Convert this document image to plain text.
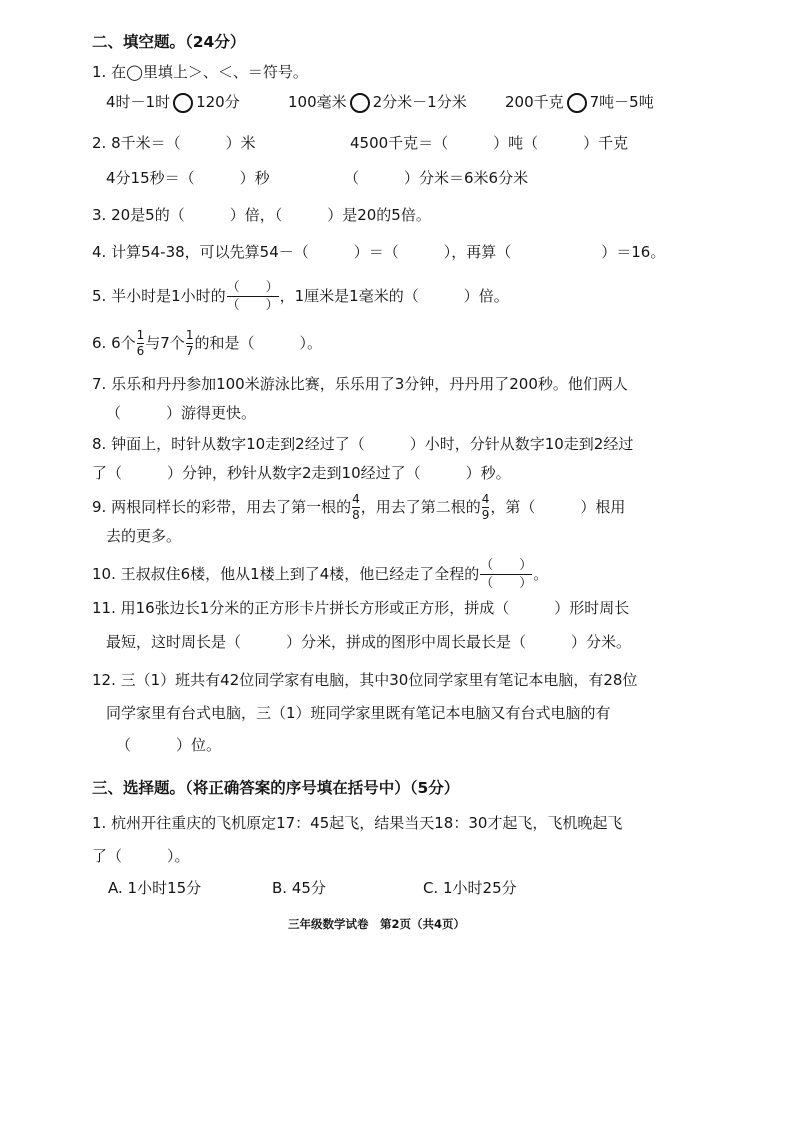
二、填空题。（24分）
1. 在◯里填上＞、＜、＝符号。
4时－1时 120分	100毫米 2分米－1分米	200千克 7吨－5吨
2. 8千米＝（　　　）米	4500千克＝（　　　）吨（　　　）千克
4分15秒＝（　　　）秒	（　　　）分米＝6米6分米
3. 20是5的（　　　）倍，（　　　）是20的5倍。
4. 计算54-38，可以先算54－（　　　）＝（　　　），再算（　　　　　　）＝16。
5. 半小时是1小时的 $\frac{( )}{( )}$ ，1厘米是1毫米的（　　　）倍。
6. 6个 $\frac{1}{6}$ 与7个 $\frac{1}{7}$ 的和是（　　　）。
7. 乐乐和丹丹参加100米游泳比赛，乐乐用了3分钟，丹丹用了200秒。他们两人
（　　　）游得更快。
8. 钟面上，时针从数字10走到2经过了（　　　）小时，分针从数字10走到2经过
了（　　　）分钟，秒针从数字2走到10经过了（　　　）秒。
9. 两根同样长的彩带，用去了第一根的 $\frac{4}{8}$ ，用去了第二根的 $\frac{4}{9}$ ，第（　　　）根用
去的更多。
10. 王叔叔住6楼，他从1楼上到了4楼，他已经走了全程的 $\frac{( )}{( )}$ 。
11. 用16张边长1分米的正方形卡片拼长方形或正方形，拼成（　　　）形时周长
最短，这时周长是（　　　）分米，拼成的图形中周长最长是（　　　）分米。
12. 三（1）班共有42位同学家有电脑，其中30位同学家里有笔记本电脑，有28位
同学家里有台式电脑，三（1）班同学家里既有笔记本电脑又有台式电脑的有
（　　　）位。
三、选择题。（将正确答案的序号填在括号中）（5分）
1. 杭州开往重庆的飞机原定17：45起飞，结果当天18：30才起飞，飞机晚起飞
了（　　　）。
A. 1小时15分	B. 45分	C. 1小时25分
三年级数学试卷　第2页（共4页）
